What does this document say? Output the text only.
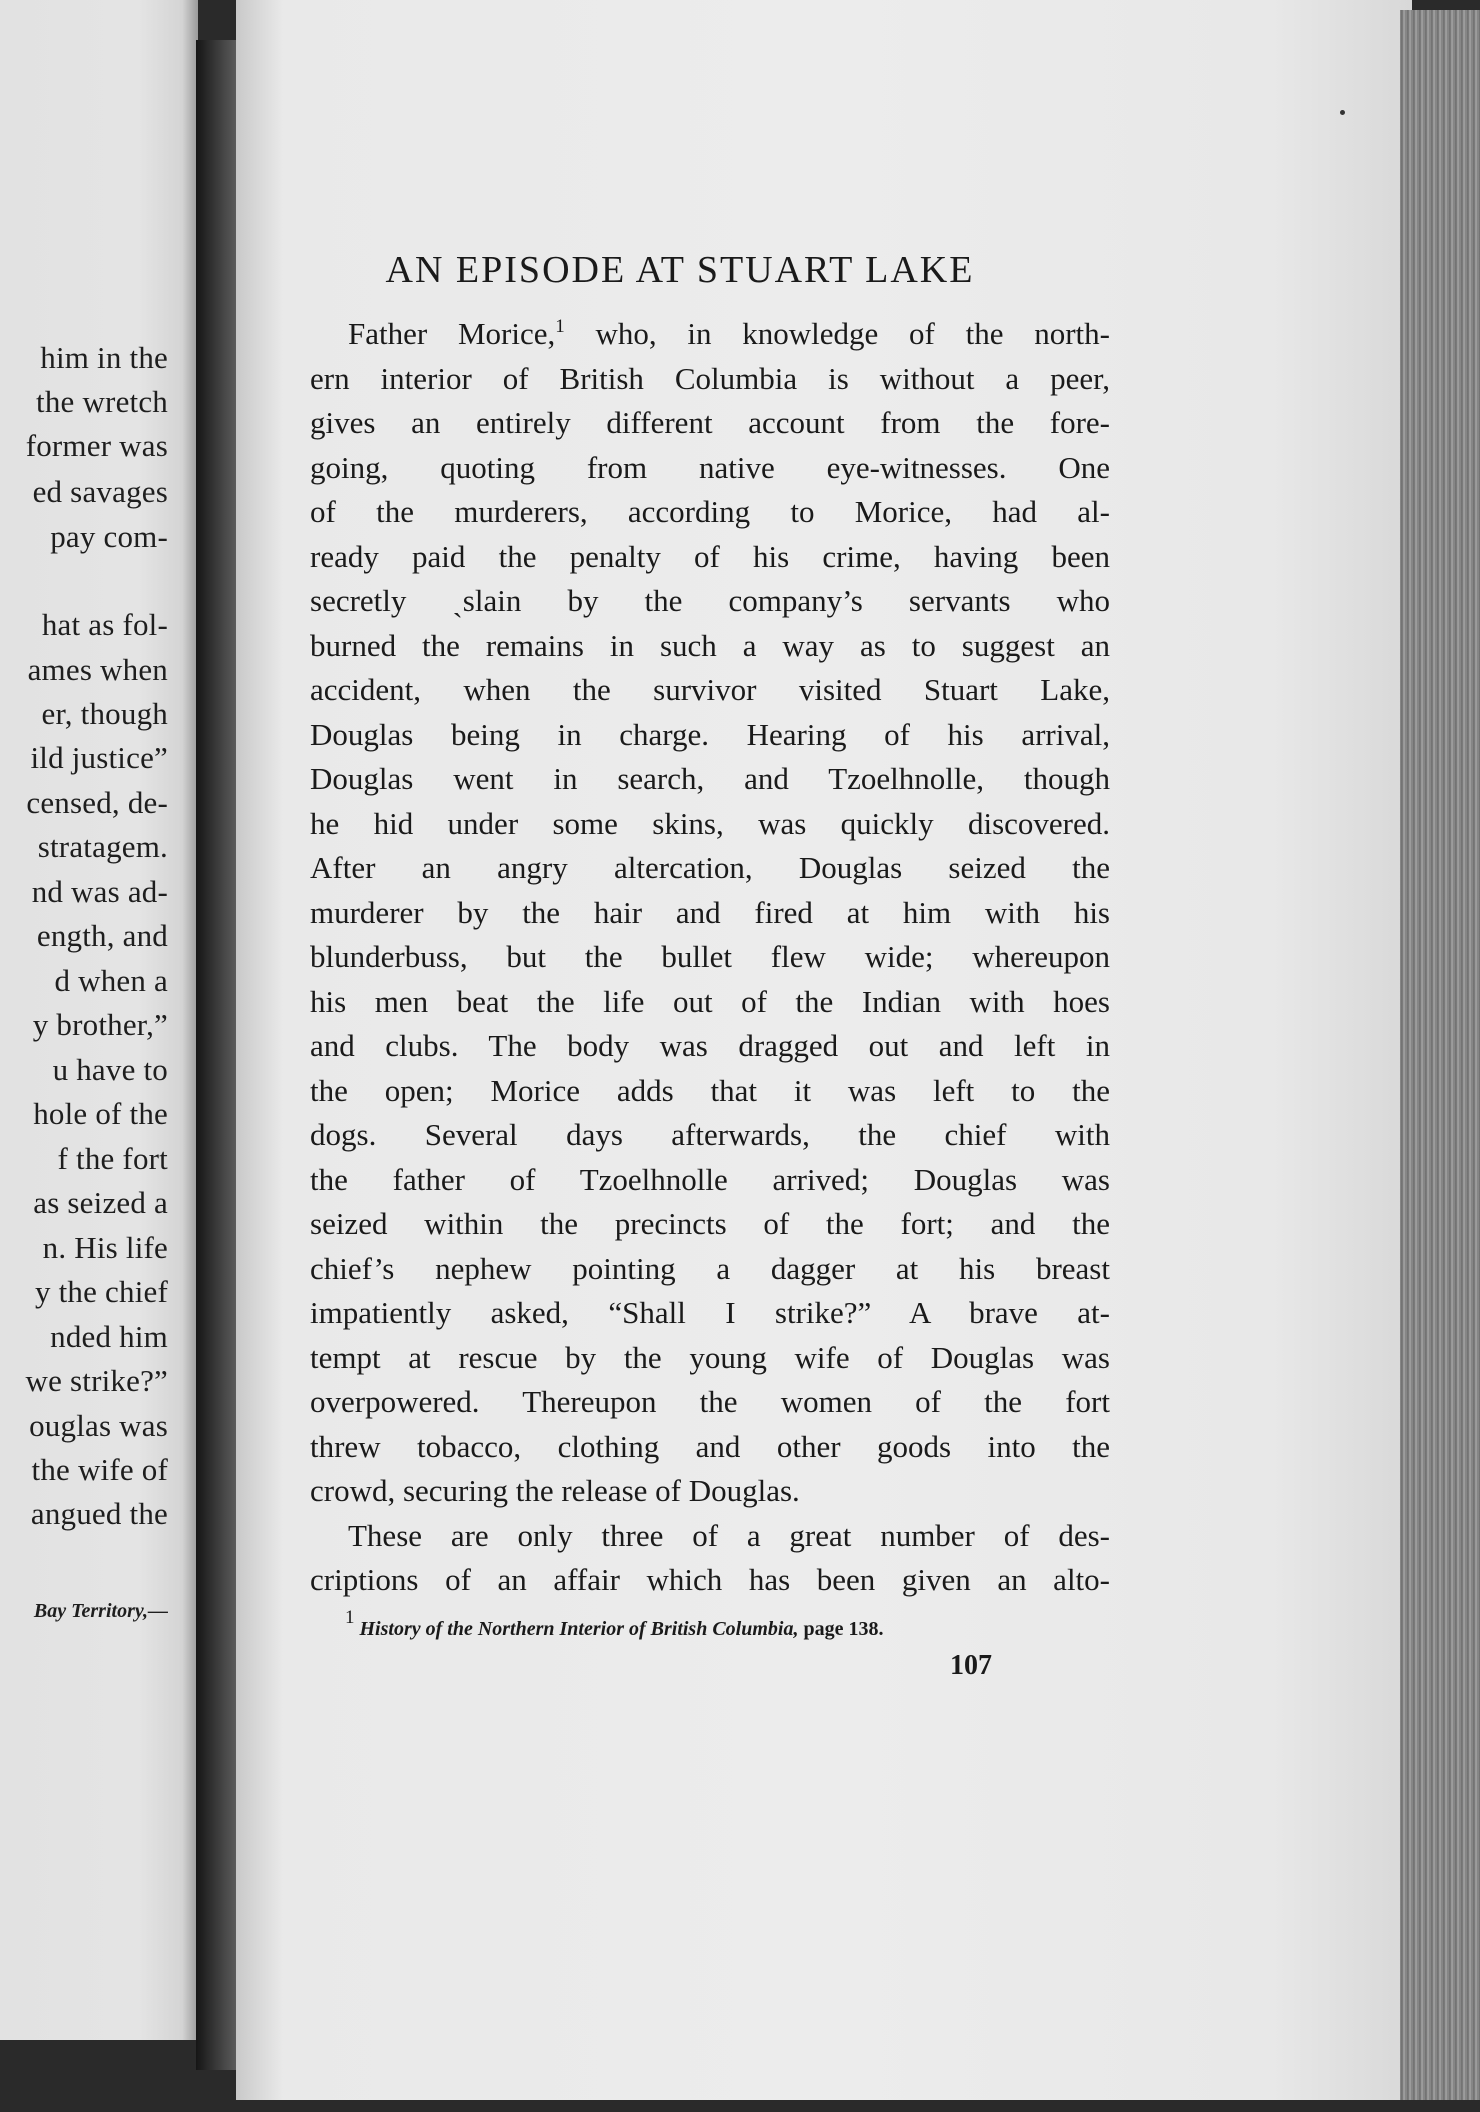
him in the
the wretch
former was
ed savages
pay com-
hat as fol-
ames when
er, though
ild justice”
censed, de-
stratagem.
nd was ad-
ength, and
d when a
y brother,”
u have to
hole of the
f the fort
as seized a
n. His life
y the chief
nded him
we strike?”
ouglas was
the wife of
angued the
Bay Territory,—
AN EPISODE AT STUART LAKE
Father Morice,$^1$ who, in knowledge of the north-
ern interior of British Columbia is without a peer,
gives an entirely different account from the fore-
going, quoting from native eye-witnesses. One
of the murderers, according to Morice, had al-
ready paid the penalty of his crime, having been
secretly ˎslain by the company’s servants who
burned the remains in such a way as to suggest an
accident, when the survivor visited Stuart Lake,
Douglas being in charge. Hearing of his arrival,
Douglas went in search, and Tzoelhnolle, though
he hid under some skins, was quickly discovered.
After an angry altercation, Douglas seized the
murderer by the hair and fired at him with his
blunderbuss, but the bullet flew wide; whereupon
his men beat the life out of the Indian with hoes
and clubs. The body was dragged out and left in
the open; Morice adds that it was left to the
dogs. Several days afterwards, the chief with
the father of Tzoelhnolle arrived; Douglas was
seized within the precincts of the fort; and the
chief’s nephew pointing a dagger at his breast
impatiently asked, “Shall I strike?” A brave at-
tempt at rescue by the young wife of Douglas was
overpowered. Thereupon the women of the fort
threw tobacco, clothing and other goods into the
crowd, securing the release of Douglas.
These are only three of a great number of des-
criptions of an affair which has been given an alto-
$^1$ History of the Northern Interior of British Columbia, page 138.
107
